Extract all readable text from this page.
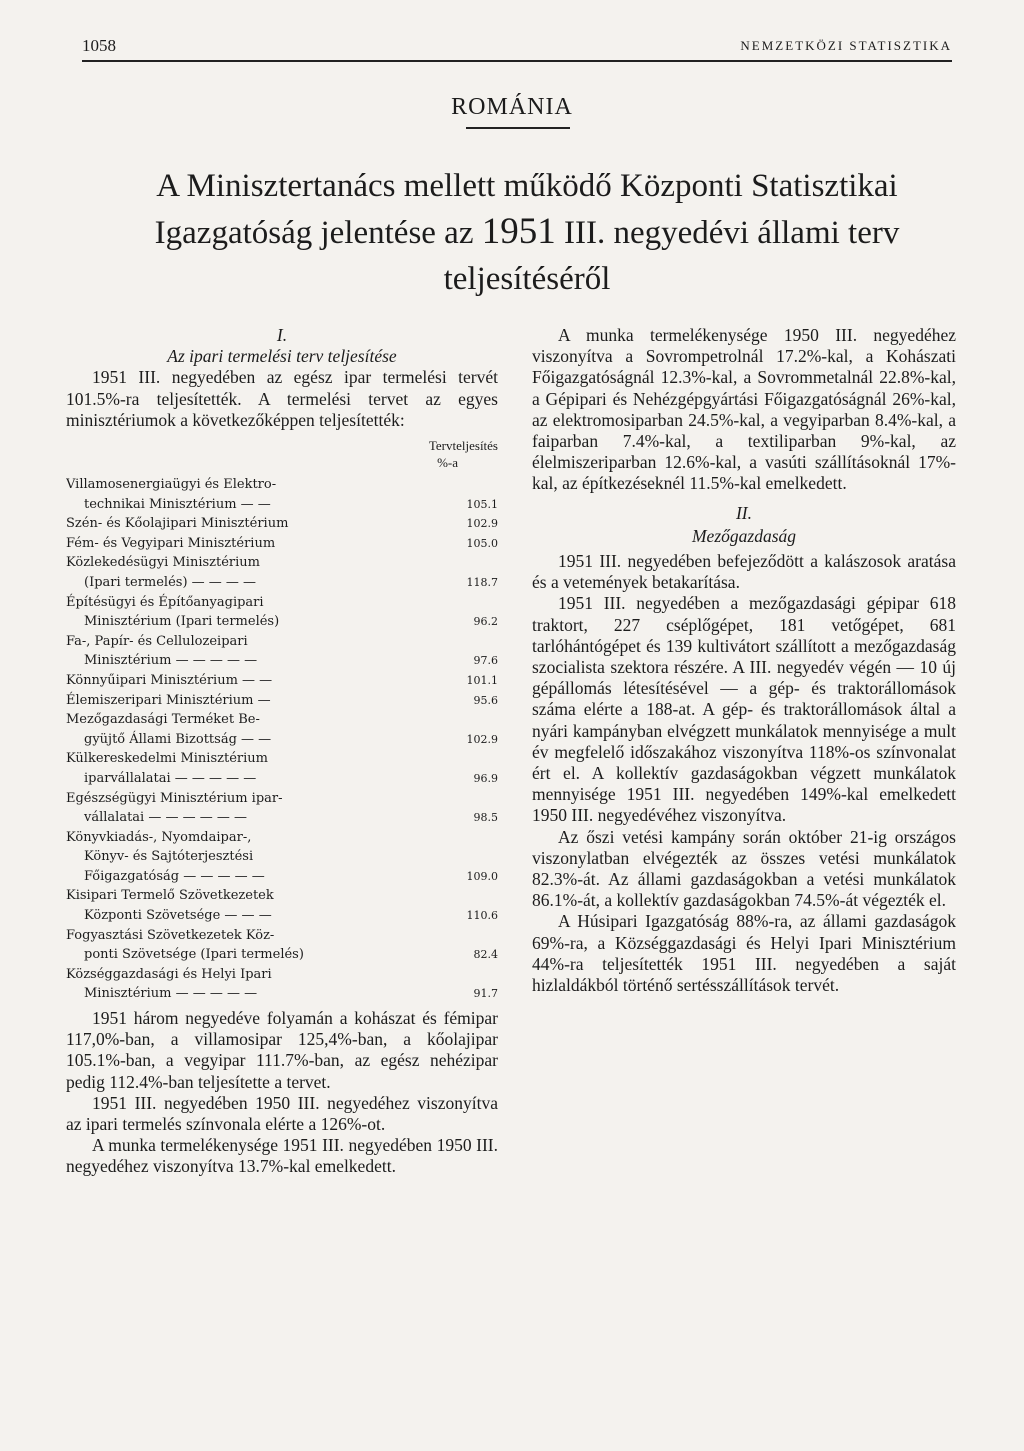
1058	NEMZETKÖZI STATISZTIKA
ROMÁNIA
A Minisztertanács mellett működő Központi Statisztikai
Igazgatóság jelentése az 1951 III. negyedévi állami terv
teljesítéséről
I.
Az ipari termelési terv teljesítése

1951 III. negyedében az egész ipar termelési tervét 101.5%-ra teljesítették. A termelési tervet az egyes minisztériumok a következőképpen teljesítették:

Tervteljesítés
%-a
Villamosenergiaügyi és Elektro-
technikai Minisztérium — —	105.1
Szén- és Kőolajipari Minisztérium	102.9
Fém- és Vegyipari Minisztérium	105.0
Közlekedésügyi Minisztérium
(Ipari termelés) — — — —	118.7
Építésügyi és Építőanyagipari
Minisztérium (Ipari termelés)	96.2
Fa-, Papír- és Cellulozeipari
Minisztérium — — — — —	97.6
Könnyűipari Minisztérium — —	101.1
Élemiszeripari Minisztérium —	95.6
Mezőgazdasági Terméket Be-
gyüjtő Állami Bizottság — —	102.9
Külkereskedelmi Minisztérium
iparvállalatai — — — — —	96.9
Egészségügyi Minisztérium ipar-
vállalatai — — — — — —	98.5
Könyvkiadás-, Nyomdaipar-,
Könyv- és Sajtóterjesztési
Főigazgatóság — — — — —	109.0
Kisipari Termelő Szövetkezetek
Központi Szövetsége — — —	110.6
Fogyasztási Szövetkezetek Köz-
ponti Szövetsége (Ipari termelés)	82.4
Községgazdasági és Helyi Ipari
Minisztérium — — — — —	91.7

1951 három negyedéve folyamán a kohászat és fémipar 117,0%-ban, a villamosipar 125,4%-ban, a kőolajipar 105.1%-ban, a vegyipar 111.7%-ban, az egész nehézipar pedig 112.4%-ban teljesítette a tervet.

1951 III. negyedében 1950 III. negyedéhez viszonyítva az ipari termelés színvonala elérte a 126%-ot.

A munka termelékenysége 1951 III. negyedében 1950 III. negyedéhez viszonyítva 13.7%-kal emelkedett.

A munka termelékenysége 1950 III. negyedéhez viszonyítva a Sovrompetrolnál 17.2%-kal, a Kohászati Főigazgatóságnál 12.3%-kal, a Sovrommetalnál 22.8%-kal, a Gépipari és Nehézgépgyártási Főigazgatóságnál 26%-kal, az elektromosiparban 24.5%-kal, a vegyiparban 8.4%-kal, a faiparban 7.4%-kal, a textiliparban 9%-kal, az élelmiszeriparban 12.6%-kal, a vasúti szállításoknál 17%-kal, az építkezéseknél 11.5%-kal emelkedett.

II.
Mezőgazdaság

1951 III. negyedében befejeződött a kalászosok aratása és a vetemények betakarítása.

1951 III. negyedében a mezőgazdasági gépipar 618 traktort, 227 cséplőgépet, 181 vetőgépet, 681 tarlóhántógépet és 139 kultivátort szállított a mezőgazdaság szocialista szektora részére. A III. negyedév végén — 10 új gépállomás létesítésével — a gép- és traktorállomások száma elérte a 188-at. A gép- és traktorállomások által a nyári kampányban elvégzett munkálatok mennyisége a mult év megfelelő időszakához viszonyítva 118%-os színvonalat ért el. A kollektív gazdaságokban végzett munkálatok mennyisége 1951 III. negyedében 149%-kal emelkedett 1950 III. negyedévéhez viszonyítva.

Az őszi vetési kampány során október 21-ig országos viszonylatban elvégezték az összes vetési munkálatok 82.3%-át. Az állami gazdaságokban a vetési munkálatok 86.1%-át, a kollektív gazdaságokban 74.5%-át végezték el.

A Húsipari Igazgatóság 88%-ra, az állami gazdaságok 69%-ra, a Községgazdasági és Helyi Ipari Minisztérium 44%-ra teljesítették 1951 III. negyedében a saját hizlaldákból történő sertésszállítások tervét.
